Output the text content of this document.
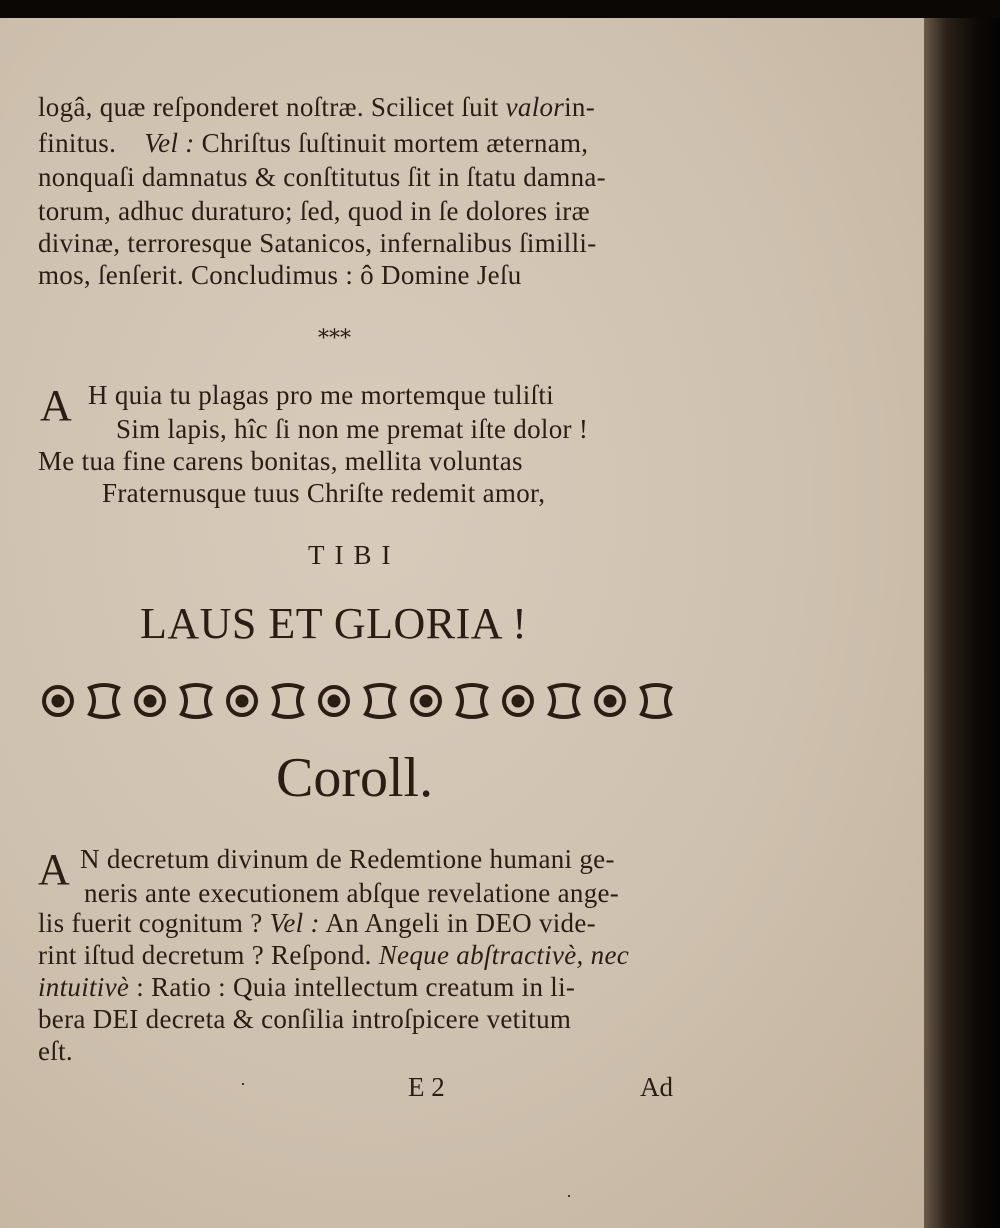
logâ, quæ reſponderet noſtræ. Scilicet ſuit valorin-
finitus. Vel : Chriſtus ſuſtinuit mortem æternam,
nonquaſi damnatus & conſtitutus ſit in ſtatu damna-
torum, adhuc duraturo; ſed, quod in ſe dolores iræ
divinæ, terroresque Satanicos, infernalibus ſimilli-
mos, ſenſerit. Concludimus : ô Domine Jeſu
⁎⁎⁎
A H quia tu plagas pro me mortemque tuliſti
Sim lapis, hîc ſi non me premat iſte dolor !
Me tua fine carens bonitas, mellita voluntas
Fraternusque tuus Chriſte redemit amor,
TIBI
LAUS ET GLORIA !
Coroll.
A N decretum divinum de Redemtione humani ge-
neris ante executionem abſque revelatione ange-
lis fuerit cognitum ? Vel : An Angeli in DEO vide-
rint iſtud decretum ? Reſpond. Neque abſtractivè, nec
intuitivè : Ratio : Quia intellectum creatum in li-
bera DEI decreta & conſilia introſpicere vetitum
eſt.
E 2	Ad
·
·
